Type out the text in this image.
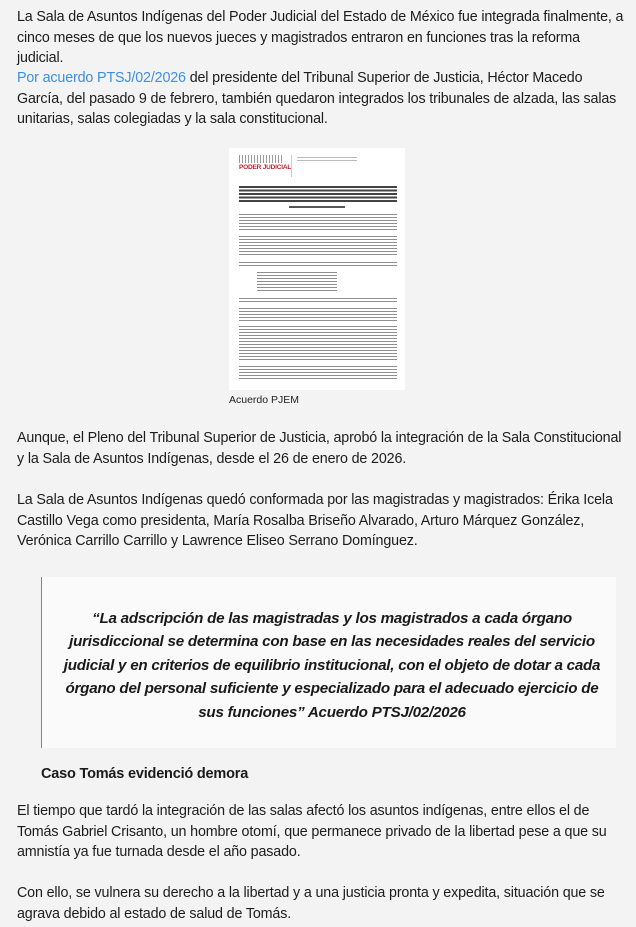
La Sala de Asuntos Indígenas del Poder Judicial del Estado de México fue integrada finalmente, a cinco meses de que los nuevos jueces y magistrados entraron en funciones tras la reforma judicial.

Por acuerdo PTSJ/02/2026 del presidente del Tribunal Superior de Justicia, Héctor Macedo García, del pasado 9 de febrero, también quedaron integrados los tribunales de alzada, las salas unitarias, salas colegiadas y la sala constitucional.

PODER JUDICIAL
Acuerdo PJEM

Aunque, el Pleno del Tribunal Superior de Justicia, aprobó la integración de la Sala Constitucional y la Sala de Asuntos Indígenas, desde el 26 de enero de 2026.

La Sala de Asuntos Indígenas quedó conformada por las magistradas y magistrados: Érika Icela Castillo Vega como presidenta, María Rosalba Briseño Alvarado, Arturo Márquez González, Verónica Carrillo Carrillo y Lawrence Eliseo Serrano Domínguez.

“La adscripción de las magistradas y los magistrados a cada órgano jurisdiccional se determina con base en las necesidades reales del servicio judicial y en criterios de equilibrio institucional, con el objeto de dotar a cada órgano del personal suficiente y especializado para el adecuado ejercicio de sus funciones” Acuerdo PTSJ/02/2026
Caso Tomás evidenció demora

El tiempo que tardó la integración de las salas afectó los asuntos indígenas, entre ellos el de Tomás Gabriel Crisanto, un hombre otomí, que permanece privado de la libertad pese a que su amnistía ya fue turnada desde el año pasado.

Con ello, se vulnera su derecho a la libertad y a una justicia pronta y expedita, situación que se agrava debido al estado de salud de Tomás.
